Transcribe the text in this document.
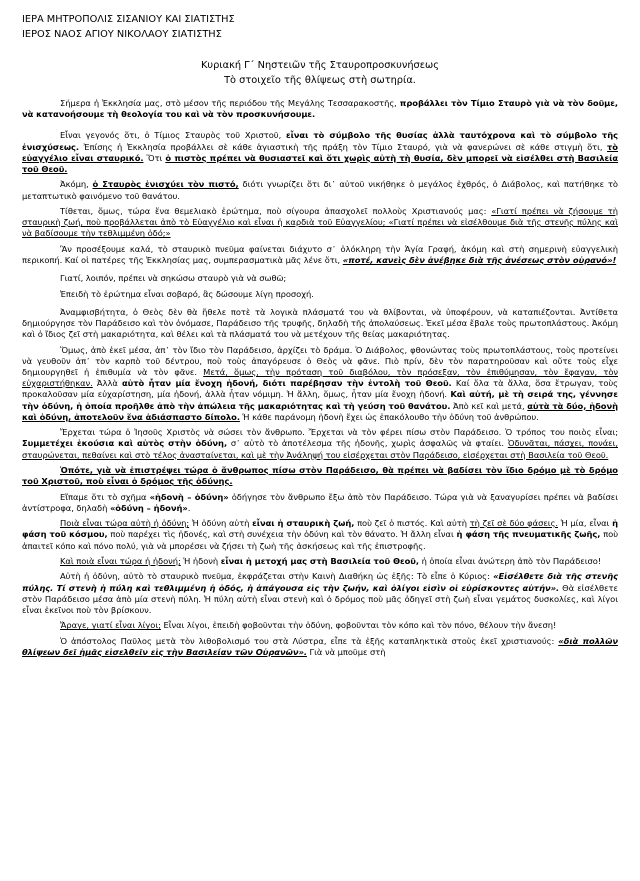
ΙΕΡΑ ΜΗΤΡΟΠΟΛΙΣ ΣΙΣΑΝΙΟΥ ΚΑΙ ΣΙΑΤΙΣΤΗΣ
ΙΕΡΟΣ ΝΑΟΣ ΑΓΙΟΥ ΝΙΚΟΛΑΟΥ ΣΙΑΤΙΣΤΗΣ
Κυριακή Γ΄ Νηστειῶν τῆς Σταυροπροσκυνήσεως
Τὸ στοιχεῖο τῆς θλίψεως στὴ σωτηρία.

Σήμερα ἡ Ἐκκλησία μας, στὸ μέσον τῆς περιόδου τῆς Μεγάλης Τεσσαρακοστῆς, προβάλλει τὸν Τίμιο Σταυρὸ γιὰ νὰ τὸν δοῦμε, νὰ κατανοήσουμε τὴ θεολογία του καὶ νὰ τὸν προσκυνήσουμε.

Εἶναι γεγονός ὅτι, ὁ Τίμιος Σταυρὸς τοῦ Χριστοῦ, εἶναι τὸ σύμβολο τῆς θυσίας ἀλλὰ ταυτόχρονα καὶ τὸ σύμβολο τῆς ἐνισχύσεως. Ἐπίσης ἡ Ἐκκλησία προβάλλει σὲ κάθε ἁγιαστικὴ τῆς πράξη τὸν Τίμιο Σταυρό, γιὰ νὰ φανερώνει σὲ κάθε στιγμὴ ὅτι, τὸ εὐαγγέλιο εἶναι σταυρικό. Ὅτι ὁ πιστὸς πρέπει νὰ θυσιαστεῖ καὶ ὅτι χωρὶς αὐτὴ τὴ θυσία, δὲν μπορεῖ νὰ εἰσέλθει στὴ Βασιλεία τοῦ Θεοῦ.

Ἀκόμη, ὁ Σταυρὸς ἐνισχύει τὸν πιστό, διότι γνωρίζει ὅτι δι᾽ αὐτοῦ νικήθηκε ὁ μεγάλος ἐχθρός, ὁ Διάβολος, καὶ πατήθηκε τὸ μεταπτωτικὸ φαινόμενο τοῦ θανάτου.

Τίθεται, ὅμως, τώρα ἕνα θεμελιακὸ ἐρώτημα, ποὺ σίγουρα ἀπασχολεῖ πολλοὺς Χριστιανούς μας: «Γιατί πρέπει νὰ ζήσουμε τὴ σταυρικὴ ζωή, ποὺ προβάλλεται ἀπὸ τὸ Εὐαγγέλιο καὶ εἶναι ἡ καρδιὰ τοῦ Εὐαγγελίου; «Γιατί πρέπει νὰ εἰσέλθουμε διὰ τῆς στενῆς πύλης καὶ νὰ βαδίσουμε τὴν τεθλιμμένη ὁδό;»

Ἂν προσέξουμε καλά, τὸ σταυρικὸ πνεῦμα φαίνεται διάχυτο σ᾽ ὁλόκληρη τὴν Ἁγία Γραφή, ἀκόμη καὶ στὴ σημερινὴ εὐαγγελικὴ περικοπή. Καί οἱ πατέρες τῆς Ἐκκλησίας μας, συμπερασματικὰ μᾶς λένε ὅτι, «ποτέ, κανεὶς δὲν ἀνέβηκε διὰ τῆς ἀνέσεως στὸν οὐρανό»!

Γιατί, λοιπόν, πρέπει νὰ σηκώσω σταυρὸ γιὰ νὰ σωθῶ;

Ἐπειδὴ τὸ ἐρώτημα εἶναι σοβαρό, ἂς δώσουμε λίγη προσοχή.

Ἀναμφισβήτητα, ὁ Θεὸς δὲν θὰ ἤθελε ποτὲ τὰ λογικὰ πλάσματά του νὰ θλίβονται, νὰ ὑποφέρουν, νὰ καταπιέζονται. Ἀντίθετα δημιούργησε τὸν Παράδεισο καὶ τὸν ὀνόμασε, Παράδεισο τῆς τρυφῆς, δηλαδὴ τῆς ἀπολαύσεως. Ἐκεῖ μέσα ἔβαλε τοὺς πρωτοπλάστους. Ἀκόμη καὶ ὁ ἴδιος ζεῖ στὴ μακαριότητα, καὶ θέλει καὶ τὰ πλάσματά του νὰ μετέχουν τῆς θείας μακαριότητας.

Ὅμως, ἀπὸ ἐκεῖ μέσα, ἀπ᾽ τὸν ἴδιο τὸν Παράδεισο, ἀρχίζει τὸ δράμα. Ὁ Διάβολος, φθονώντας τοὺς πρωτοπλάστους, τοὺς προτείνει νὰ γευθοῦν ἀπ᾽ τὸν καρπὸ τοῦ δέντρου, ποὺ τοὺς ἀπαγόρευσε ὁ Θεὸς νὰ φᾶνε. Πιὸ πρίν, δὲν τὸν παρατηροῦσαν καὶ οὔτε τοὺς εἶχε δημιουργηθεῖ ἡ ἐπιθυμία νὰ τὸν φᾶνε. Μετά, ὅμως, τὴν πρόταση τοῦ διαβόλου, τὸν πρόσεξαν, τὸν ἐπιθύμησαν, τὸν ἔφαγαν, τὸν εὐχαριστήθηκαν. Ἀλλὰ αὐτὸ ἦταν μία ἔνοχη ἡδονή, διότι παρέβησαν τὴν ἐντολὴ τοῦ Θεοῦ. Καί ὅλα τὰ ἄλλα, ὅσα ἔτρωγαν, τοὺς προκαλοῦσαν μία εὐχαρίστηση, μία ἡδονή, ἀλλὰ ἦταν νόμιμη. Ἡ ἄλλη, ὅμως, ἦταν μία ἔνοχη ἡδονή. Καὶ αὐτή, μὲ τὴ σειρά της, γέννησε τὴν ὀδύνη, ἡ ὁποία προῆλθε ἀπὸ τὴν ἀπώλεια τῆς μακαριότητας καὶ τὴ γεύση τοῦ θανάτου. Ἀπὸ κεῖ καὶ μετά, αὐτὰ τὰ δύο, ἡδονὴ καὶ ὀδύνη, ἀποτελοῦν ἕνα ἀδιάσπαστο δίπολο. Ἡ κάθε παράνομη ἡδονὴ ἔχει ὡς ἐπακόλουθο τὴν ὀδύνη τοῦ ἀνθρώπου.

Ἔρχεται τώρα ὁ Ἰησοῦς Χριστὸς νὰ σώσει τὸν ἄνθρωπο. Ἔρχεται νὰ τὸν φέρει πίσω στὸν Παράδεισο. Ὁ τρόπος του ποιὸς εἶναι; Συμμετέχει ἑκούσια καὶ αὐτὸς στὴν ὀδύνη, σ᾽ αὐτὸ τὸ ἀποτέλεσμα τῆς ἡδονῆς, χωρὶς ἀσφαλῶς νὰ φταίει. Ὀδυνᾶται, πάσχει, πονάει, σταυρώνεται, πεθαίνει καὶ στὸ τέλος ἀνασταίνεται, καὶ μὲ τὴν Ἀνάληψή του εἰσέρχεται στὸν Παράδεισο, εἰσέρχεται στὴ Βασιλεία τοῦ Θεοῦ.

Ὁπότε, γιὰ νὰ ἐπιστρέψει τώρα ὁ ἄνθρωπος πίσω στὸν Παράδεισο, θὰ πρέπει νὰ βαδίσει τὸν ἴδιο δρόμο μὲ τὸ δρόμο τοῦ Χριστοῦ, ποὺ εἶναι ὁ δρόμος τῆς ὀδύνης.

Εἴπαμε ὅτι τὸ σχῆμα «ἡδονὴ – ὀδύνη» ὁδήγησε τὸν ἄνθρωπο ἔξω ἀπὸ τὸν Παράδεισο. Τώρα γιὰ νὰ ξαναγυρίσει πρέπει νὰ βαδίσει ἀντίστροφα, δηλαδὴ «ὀδύνη – ἡδονή».

Ποιὰ εἶναι τώρα αὐτὴ ἡ ὀδύνη; Ἡ ὀδύνη αὐτὴ εἶναι ἡ σταυρικὴ ζωή, ποὺ ζεῖ ὁ πιστός. Καὶ αὐτὴ τὴ ζεῖ σὲ δύο φάσεις. Ἡ μία, εἶναι ἡ φάση τοῦ κόσμου, ποὺ παρέχει τὶς ἡδονές, καὶ στὴ συνέχεια τὴν ὀδύνη καὶ τὸν θάνατο. Ἡ ἄλλη εἶναι ἡ φάση τῆς πνευματικῆς ζωῆς, ποὺ ἀπαιτεῖ κόπο καὶ πόνο πολύ, γιὰ νὰ μπορέσει νὰ ζήσει τὴ ζωὴ τῆς ἀσκήσεως καὶ τῆς ἐπιστροφῆς.

Καὶ ποιὰ εἶναι τώρα ἡ ἡδονή; Ἡ ἡδονὴ εἶναι ἡ μετοχή μας στὴ Βασιλεία τοῦ Θεοῦ, ἡ ὁποία εἶναι ἀνώτερη ἀπὸ τὸν Παράδεισο!

Αὐτὴ ἡ ὀδύνη, αὐτὸ τὸ σταυρικὸ πνεῦμα, ἐκφράζεται στὴν Καινὴ Διαθήκη ὡς ἑξῆς: Τὸ εἶπε ὁ Κύριος: «Εἰσέλθετε διὰ τῆς στενῆς πύλης. Τί στενὴ ἡ πύλη καὶ τεθλιμμένη ἡ ὁδός, ἡ ἀπάγουσα εἰς τὴν ζωήν, καὶ ὀλίγοι εἰσὶν οἱ εὑρίσκοντες αὐτήν». Θὰ εἰσέλθετε στὸν Παράδεισο μέσα ἀπὸ μία στενὴ πύλη. Ἡ πύλη αὐτὴ εἶναι στενὴ καὶ ὁ δρόμος ποὺ μᾶς ὁδηγεῖ στὴ ζωὴ εἶναι γεμάτος δυσκολίες, καὶ λίγοι εἶναι ἐκεῖνοι ποὺ τὸν βρίσκουν.

Ἄραγε, γιατί εἶναι λίγοι; Εἶναι λίγοι, ἐπειδὴ φοβοῦνται τὴν ὀδύνη, φοβοῦνται τὸν κόπο καὶ τὸν πόνο, θέλουν τὴν ἄνεση!

Ὁ ἀπόστολος Παῦλος μετὰ τὸν λιθοβολισμό του στὰ Λύστρα, εἶπε τὰ ἑξῆς καταπληκτικὰ στοὺς ἐκεῖ χριστιανούς: «διὰ πολλῶν θλίψεων δεῖ ἡμᾶς εἰσελθεῖν εἰς τὴν Βασιλείαν τῶν Οὐρανῶν». Γιὰ νὰ μποῦμε στὴ
